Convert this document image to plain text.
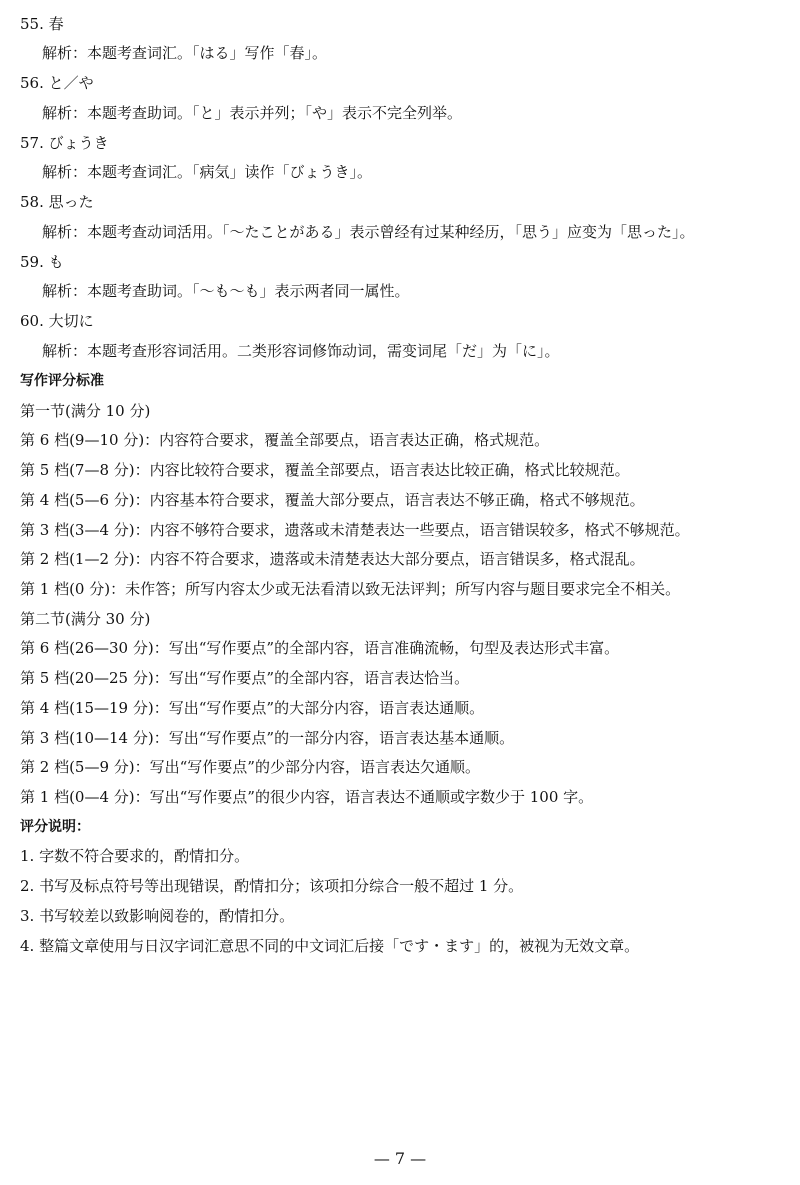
55. 春
解析：本题考查词汇。「はる」写作「春」。
56. と／や
解析：本题考查助词。「と」表示并列；「や」表示不完全列举。
57. びょうき
解析：本题考查词汇。「病気」读作「びょうき」。
58. 思った
解析：本题考查动词活用。「～たことがある」表示曾经有过某种经历，「思う」应变为「思った」。
59. も
解析：本题考查助词。「～も～も」表示两者同一属性。
60. 大切に
解析：本题考查形容词活用。二类形容词修饰动词，需变词尾「だ」为「に」。
写作评分标准
第一节(满分 10 分)
第 6 档(9—10 分)：内容符合要求，覆盖全部要点，语言表达正确，格式规范。
第 5 档(7—8 分)：内容比较符合要求，覆盖全部要点，语言表达比较正确，格式比较规范。
第 4 档(5—6 分)：内容基本符合要求，覆盖大部分要点，语言表达不够正确，格式不够规范。
第 3 档(3—4 分)：内容不够符合要求，遗落或未清楚表达一些要点，语言错误较多，格式不够规范。
第 2 档(1—2 分)：内容不符合要求，遗落或未清楚表达大部分要点，语言错误多，格式混乱。
第 1 档(0 分)：未作答；所写内容太少或无法看清以致无法评判；所写内容与题目要求完全不相关。
第二节(满分 30 分)
第 6 档(26—30 分)：写出“写作要点”的全部内容，语言准确流畅，句型及表达形式丰富。
第 5 档(20—25 分)：写出“写作要点”的全部内容，语言表达恰当。
第 4 档(15—19 分)：写出“写作要点”的大部分内容，语言表达通顺。
第 3 档(10—14 分)：写出“写作要点”的一部分内容，语言表达基本通顺。
第 2 档(5—9 分)：写出“写作要点”的少部分内容，语言表达欠通顺。
第 1 档(0—4 分)：写出“写作要点”的很少内容，语言表达不通顺或字数少于 100 字。
评分说明：
1. 字数不符合要求的，酌情扣分。
2. 书写及标点符号等出现错误，酌情扣分；该项扣分综合一般不超过 1 分。
3. 书写较差以致影响阅卷的，酌情扣分。
4. 整篇文章使用与日汉字词汇意思不同的中文词汇后接「です・ます」的，被视为无效文章。
— 7 —
